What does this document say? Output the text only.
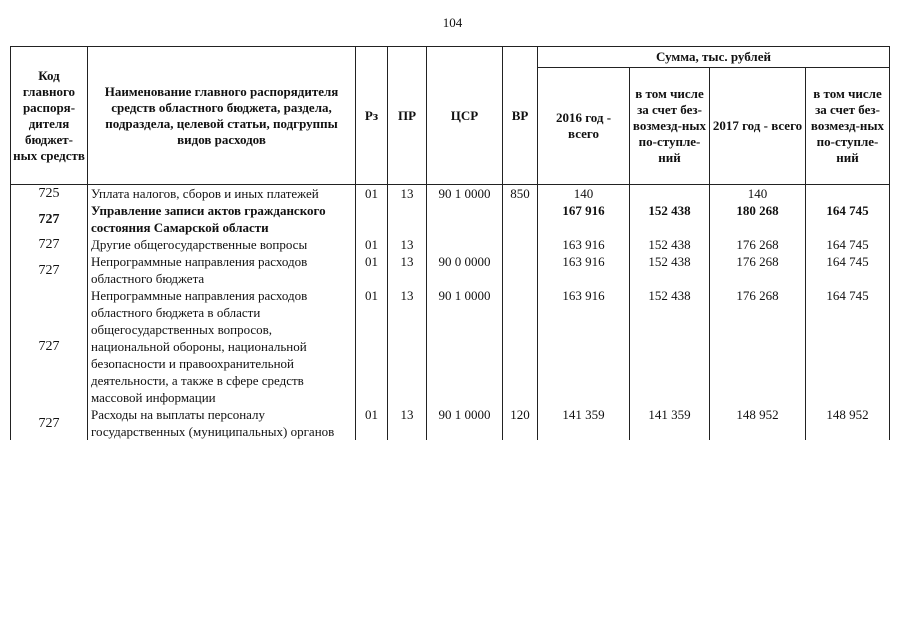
104
Код главного распоря-дителя бюджет-ных средств	Наименование главного распорядителя средств областного бюджета, раздела, подраздела, целевой статьи, подгруппы видов расходов	Рз	ПР	ЦСР	ВР	Сумма, тыс. рублей			
						2016 год - всего	в том числе за счет без-возмезд-ных по-ступле-ний	2017 год - всего	в том числе за счет без-возмезд-ных по-ступле-ний
725	Уплата налогов, сборов и иных платежей	01	13	90 1 0000	850	140		140	
727	Управление записи актов гражданского состояния Самарской области					167 916	152 438	180 268	164 745
727	Другие общегосударственные вопросы	01	13			163 916	152 438	176 268	164 745
727	Непрограммные направления расходов областного бюджета	01	13	90 0 0000		163 916	152 438	176 268	164 745
727	Непрограммные направления расходов областного бюджета в области общегосударственных вопросов, национальной обороны, национальной безопасности и правоохранительной деятельности, а также в сфере средств массовой информации	01	13	90 1 0000		163 916	152 438	176 268	164 745
727	Расходы на выплаты персоналу государственных (муниципальных) органов	01	13	90 1 0000	120	141 359	141 359	148 952	148 952
